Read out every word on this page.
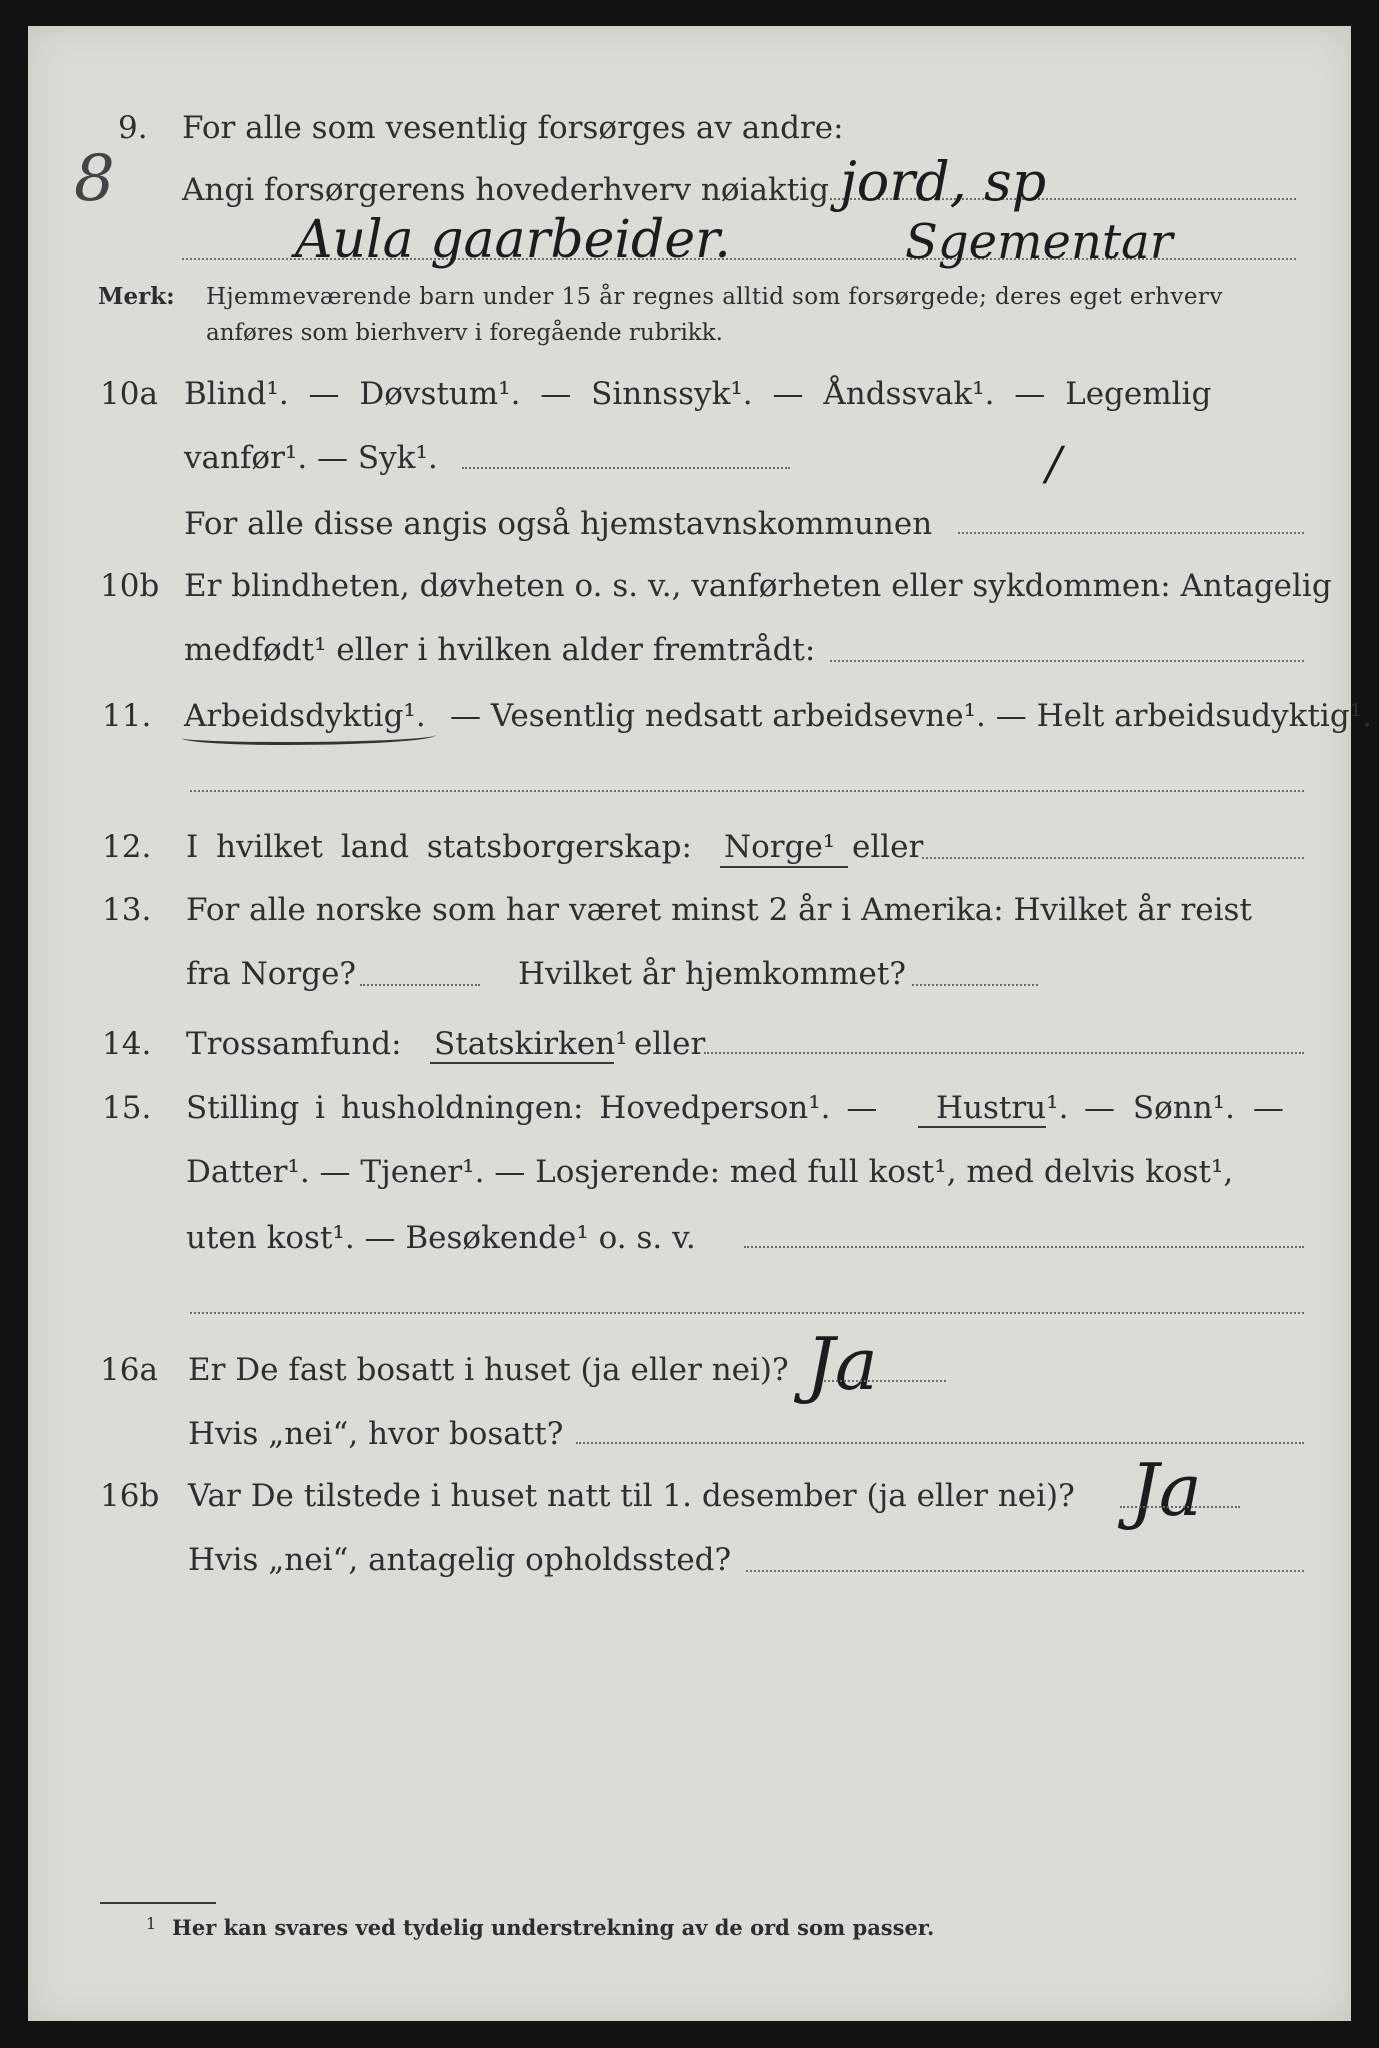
8
9. For alle som vesentlig forsørges av andre:
Angi forsørgerens hovederhverv nøiaktig jord, sp
Aula gaarbeider.	Sgementar
Merk: Hjemmeværende barn under 15 år regnes alltid som forsørgede; deres eget erhverv
anføres som bierhverv i foregående rubrikk.
10a Blind¹. — Døvstum¹. — Sinnssyk¹. — Åndssvak¹. — Legemlig
vanfør¹. — Syk¹.	/
For alle disse angis også hjemstavnskommunen
10b Er blindheten, døvheten o. s. v., vanførheten eller sykdommen: Antagelig
medfødt¹ eller i hvilken alder fremtrådt:
11. Arbeidsdyktig¹. — Vesentlig nedsatt arbeidsevne¹. — Helt arbeidsudyktig¹.
12. I hvilket land statsborgerskap: Norge¹ eller
13. For alle norske som har været minst 2 år i Amerika: Hvilket år reist
fra Norge?	Hvilket år hjemkommet?
14. Trossamfund: Statskirken¹ eller
15. Stilling i husholdningen: Hovedperson¹. — Hustru¹. — Sønn¹. —
Datter¹. — Tjener¹. — Losjerende: med full kost¹, med delvis kost¹,
uten kost¹. — Besøkende¹ o. s. v.
16a Er De fast bosatt i huset (ja eller nei)? Ja
Hvis „nei“, hvor bosatt?
16b Var De tilstede i huset natt til 1. desember (ja eller nei)? Ja
Hvis „nei“, antagelig opholdssted?
1 Her kan svares ved tydelig understrekning av de ord som passer.
